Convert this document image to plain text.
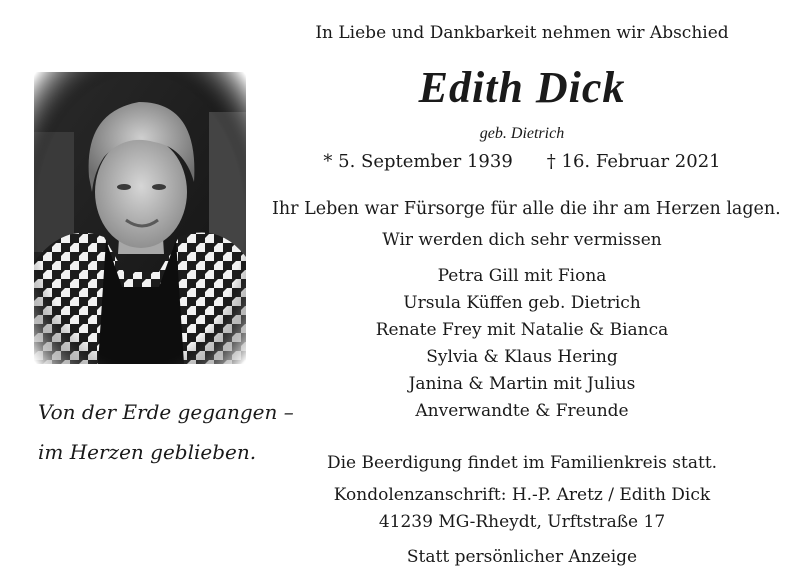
Von der Erde gegangen –
im Herzen geblieben.
In Liebe und Dankbarkeit nehmen wir Abschied
Edith Dick
geb. Dietrich
* 5. September 1939 † 16. Februar 2021
Ihr Leben war Fürsorge für alle die ihr am Herzen lagen.
Wir werden dich sehr vermissen
Petra Gill mit Fiona
Ursula Küffen geb. Dietrich
Renate Frey mit Natalie & Bianca
Sylvia & Klaus Hering
Janina & Martin mit Julius
Anverwandte & Freunde
Die Beerdigung findet im Familienkreis statt.
Kondolenzanschrift: H.-P. Aretz / Edith Dick
41239 MG-Rheydt, Urftstraße 17
Statt persönlicher Anzeige
